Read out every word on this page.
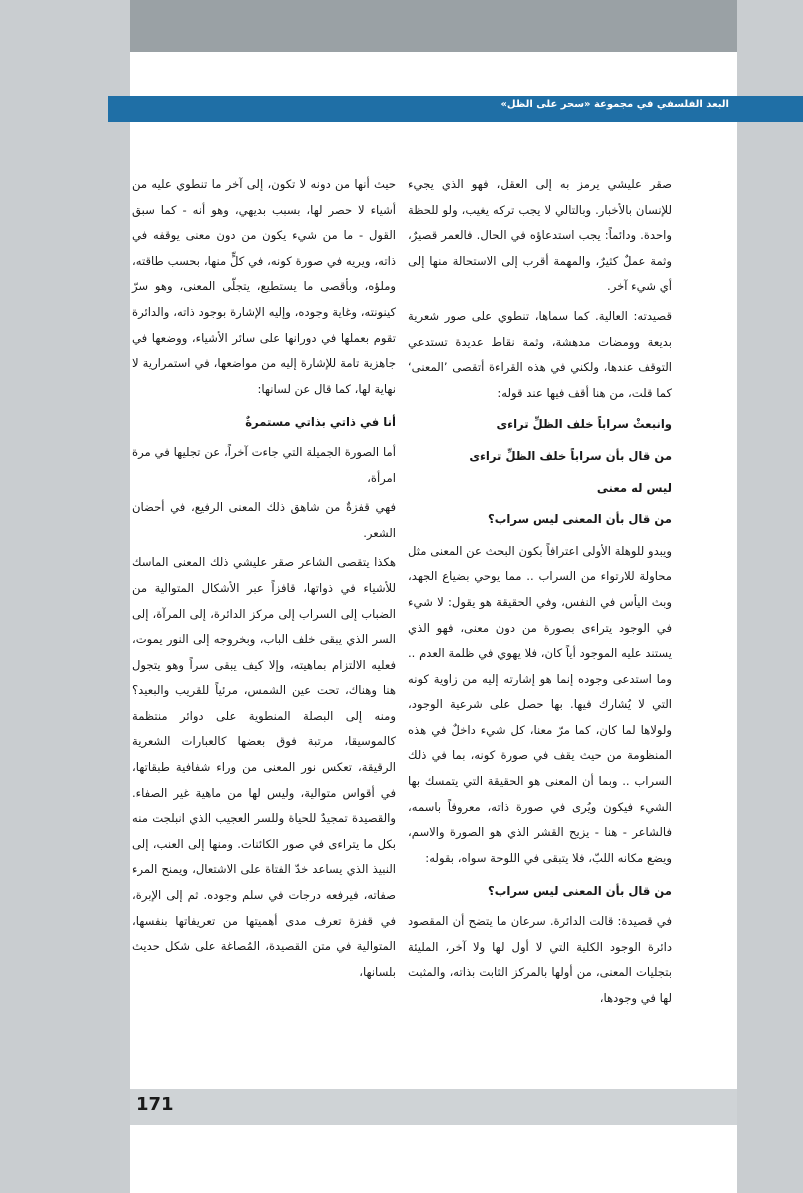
البعد الفلسفي في مجموعة «سحر على الظل»

صقر عليشي يرمز به إلى العقل، فهو الذي يجيء للإنسان بالأخبار. وبالتالي لا يجب تركه يغيب، ولو للحظة واحدة. ودائماً: يجب استدعاؤه في الحال. فالعمر قصيرٌ، وثمة عملٌ كثيرٌ، والمهمة أقرب إلى الاستحالة منها إلى أي شيء آخر.

قصيدته: العالية. كما سماها، تنطوي على صور شعرية بديعة وومضات مدهشة، وثمة نقاط عديدة تستدعي التوقف عندها، ولكني في هذه القراءة أتقصى ’المعنى‘ كما قلت، من هنا أقف فيها عند قوله:

وانبعثْ سراباً خلف الظلِّ تراءى

من قال بأن سراباً خلف الظلِّ تراءى

ليس له معنى

من قال بأن المعنى ليس سراب؟

ويبدو للوهلة الأولى اعترافاً بكون البحث عن المعنى مثل محاولة للارتواء من السراب .. مما يوحي بضياع الجهد، وبث اليأس في النفس، وفي الحقيقة هو يقول: لا شيء في الوجود يتراءى بصورة من دون معنى، فهو الذي يستند عليه الموجود أياً كان، فلا يهوي في ظلمة العدم .. وما استدعى وجوده إنما هو إشارته إليه من زاوية كونه التي لا يُشارك فيها. بها حصل على شرعية الوجود، ولولاها لما كان، كما مرّ معنا، كل شيء داخلٌ في هذه المنظومة من حيث يقف في صورة كونه، بما في ذلك السراب .. وبما أن المعنى هو الحقيقة التي يتمسك بها الشيء فيكون ويُرى في صورة ذاته، معروفاً باسمه، فالشاعر - هنا - يزيح القشر الذي هو الصورة والاسم، ويضع مكانه اللبّ، فلا يتبقى في اللوحة سواه، بقوله:

من قال بأن المعنى ليس سراب؟

في قصيدة: قالت الدائرة. سرعان ما يتضح أن المقصود دائرة الوجود الكلية التي لا أول لها ولا آخر، المليئة بتجليات المعنى، من أولها بالمركز الثابت بذاته، والمثبت لها في وجودها،

حيث أنها من دونه لا تكون، إلى آخر ما تنطوي عليه من أشياء لا حصر لها، بسبب بديهي، وهو أنه - كما سبق القول - ما من شيء يكون من دون معنى يوقفه في ذاته، ويريه في صورة كونه، في كلٍّ منها، بحسب طاقته، وملؤه، وبأقصى ما يستطيع، يتجلّى المعنى، وهو سرّ كينونته، وغاية وجوده، وإليه الإشارة بوجود ذاته، والدائرة تقوم بعملها في دورانها على سائر الأشياء، ووضعها في جاهزية تامة للإشارة إليه من مواضعها، في استمرارية لا نهاية لها، كما قال عن لسانها:

أنا في ذاتي بذاتي مستمرةٌ

أما الصورة الجميلة التي جاءت آخراً، عن تجليها في مرة امرأة،

فهي قفزةٌ من شاهق ذلك المعنى الرفيع، في أحضان الشعر.

هكذا يتقصى الشاعر صقر عليشي ذلك المعنى الماسك للأشياء في ذواتها، قافزاً عبر الأشكال المتوالية من الضباب إلى السراب إلى مركز الدائرة، إلى المرآة، إلى السر الذي يبقى خلف الباب، وبخروجه إلى النور يموت، فعليه الالتزام بماهيته، وإلا كيف يبقى سراً وهو يتجول هنا وهناك، تحت عين الشمس، مرئياً للقريب والبعيد؟ ومنه إلى البصلة المنطوية على دوائر منتظمة كالموسيقا، مرتبة فوق بعضها كالعبارات الشعرية الرقيقة، تعكس نور المعنى من وراء شفافية طبقاتها، في أقواس متوالية، وليس لها من ماهية غير الصفاء. والقصيدة تمجيدٌ للحياة وللسر العجيب الذي انبلجت منه بكل ما يتراءى في صور الكائنات. ومنها إلى العنب، إلى النبيذ الذي يساعد خدّ الفتاة على الاشتعال، ويمنح المرء صفاته، فيرفعه درجات في سلم وجوده. ثم إلى الإبرة، في قفزة تعرف مدى أهميتها من تعريفاتها بنفسها، المتوالية في متن القصيدة، المُصاغة على شكل حديث بلسانها،

171
